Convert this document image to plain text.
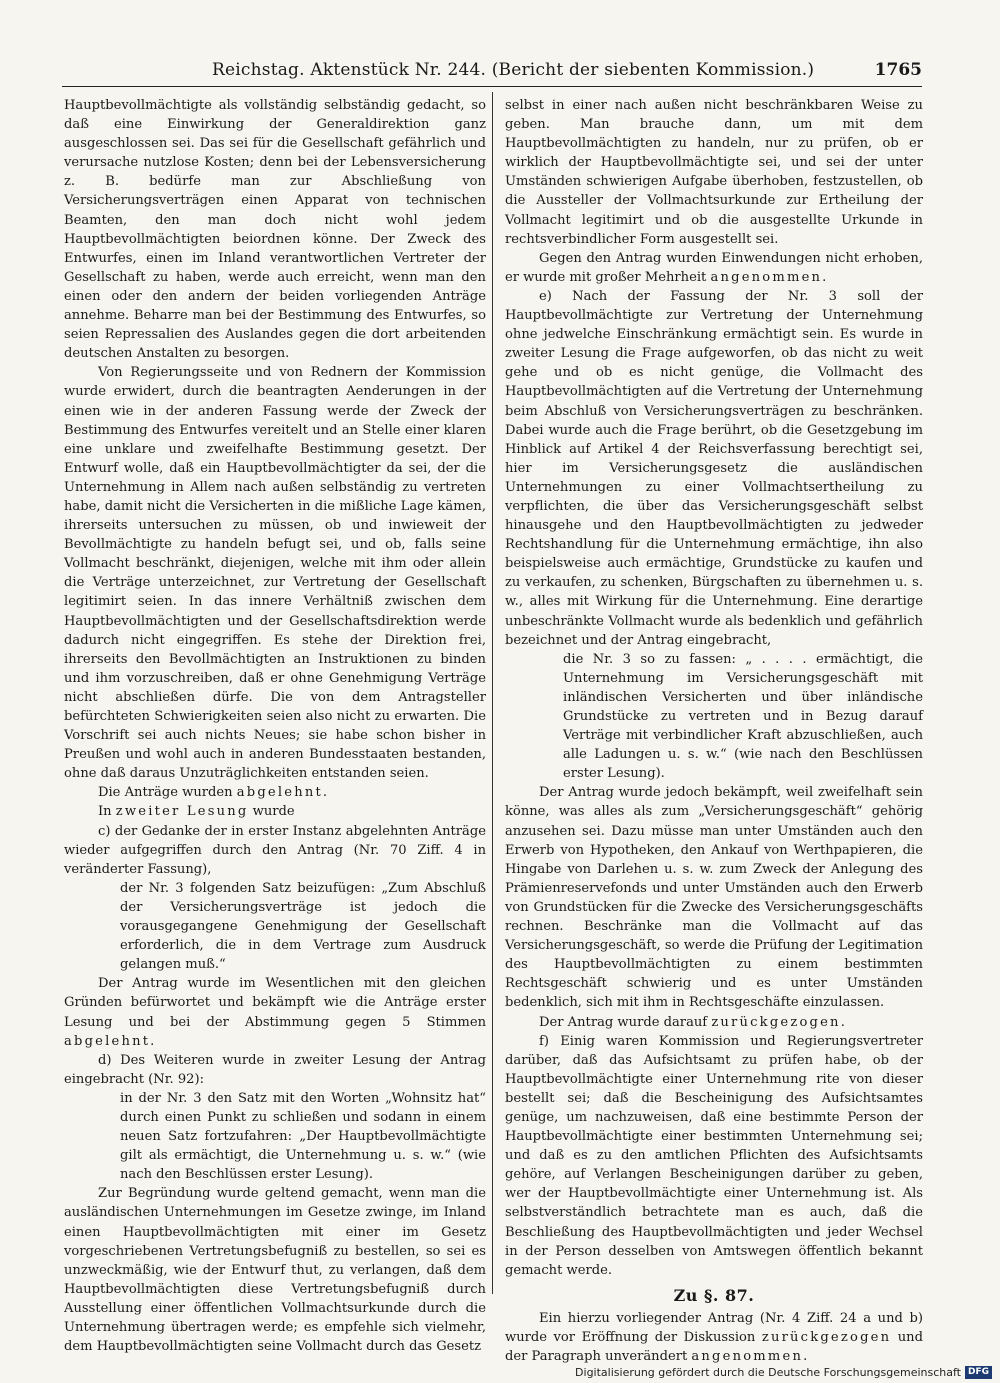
Reichstag. Aktenstück Nr. 244. (Bericht der siebenten Kommission.)	1765

Hauptbevollmächtigte als vollständig selbständig gedacht, so daß eine Einwirkung der Generaldirektion ganz ausgeschlossen sei. Das sei für die Gesellschaft gefährlich und verursache nutzlose Kosten; denn bei der Lebensversicherung z. B. bedürfe man zur Abschließung von Versicherungsverträgen einen Apparat von technischen Beamten, den man doch nicht wohl jedem Hauptbevollmächtigten beiordnen könne. Der Zweck des Entwurfes, einen im Inland verantwortlichen Vertreter der Gesellschaft zu haben, werde auch erreicht, wenn man den einen oder den andern der beiden vorliegenden Anträge annehme. Beharre man bei der Bestimmung des Entwurfes, so seien Repressalien des Auslandes gegen die dort arbeitenden deutschen Anstalten zu besorgen.

Von Regierungsseite und von Rednern der Kommission wurde erwidert, durch die beantragten Aenderungen in der einen wie in der anderen Fassung werde der Zweck der Bestimmung des Entwurfes vereitelt und an Stelle einer klaren eine unklare und zweifelhafte Bestimmung gesetzt. Der Entwurf wolle, daß ein Hauptbevollmächtigter da sei, der die Unternehmung in Allem nach außen selbständig zu vertreten habe, damit nicht die Versicherten in die mißliche Lage kämen, ihrerseits untersuchen zu müssen, ob und inwieweit der Bevollmächtigte zu handeln befugt sei, und ob, falls seine Vollmacht beschränkt, diejenigen, welche mit ihm oder allein die Verträge unterzeichnet, zur Vertretung der Gesellschaft legitimirt seien. In das innere Verhältniß zwischen dem Hauptbevollmächtigten und der Gesellschaftsdirektion werde dadurch nicht eingegriffen. Es stehe der Direktion frei, ihrerseits den Bevollmächtigten an Instruktionen zu binden und ihm vorzuschreiben, daß er ohne Genehmigung Verträge nicht abschließen dürfe. Die von dem Antragsteller befürchteten Schwierigkeiten seien also nicht zu erwarten. Die Vorschrift sei auch nichts Neues; sie habe schon bisher in Preußen und wohl auch in anderen Bundesstaaten bestanden, ohne daß daraus Unzuträglichkeiten entstanden seien.

Die Anträge wurden abgelehnt.

In zweiter Lesung wurde

c) der Gedanke der in erster Instanz abgelehnten Anträge wieder aufgegriffen durch den Antrag (Nr. 70 Ziff. 4 in veränderter Fassung),

der Nr. 3 folgenden Satz beizufügen: „Zum Abschluß der Versicherungsverträge ist jedoch die vorausgegangene Genehmigung der Gesellschaft erforderlich, die in dem Vertrage zum Ausdruck gelangen muß.“

Der Antrag wurde im Wesentlichen mit den gleichen Gründen befürwortet und bekämpft wie die Anträge erster Lesung und bei der Abstimmung gegen 5 Stimmen abgelehnt.

d) Des Weiteren wurde in zweiter Lesung der Antrag eingebracht (Nr. 92):

in der Nr. 3 den Satz mit den Worten „Wohnsitz hat“ durch einen Punkt zu schließen und sodann in einem neuen Satz fortzufahren: „Der Hauptbevollmächtigte gilt als ermächtigt, die Unternehmung u. s. w.“ (wie nach den Beschlüssen erster Lesung).

Zur Begründung wurde geltend gemacht, wenn man die ausländischen Unternehmungen im Gesetze zwinge, im Inland einen Hauptbevollmächtigten mit einer im Gesetz vorgeschriebenen Vertretungsbefugniß zu bestellen, so sei es unzweckmäßig, wie der Entwurf thut, zu verlangen, daß dem Hauptbevollmächtigten diese Vertretungsbefugniß durch Ausstellung einer öffentlichen Vollmachtsurkunde durch die Unternehmung übertragen werde; es empfehle sich vielmehr, dem Hauptbevollmächtigten seine Vollmacht durch das Gesetz

selbst in einer nach außen nicht beschränkbaren Weise zu geben. Man brauche dann, um mit dem Hauptbevollmächtigten zu handeln, nur zu prüfen, ob er wirklich der Hauptbevollmächtigte sei, und sei der unter Umständen schwierigen Aufgabe überhoben, festzustellen, ob die Aussteller der Vollmachtsurkunde zur Ertheilung der Vollmacht legitimirt und ob die ausgestellte Urkunde in rechtsverbindlicher Form ausgestellt sei.

Gegen den Antrag wurden Einwendungen nicht erhoben, er wurde mit großer Mehrheit angenommen.

e) Nach der Fassung der Nr. 3 soll der Hauptbevollmächtigte zur Vertretung der Unternehmung ohne jedwelche Einschränkung ermächtigt sein. Es wurde in zweiter Lesung die Frage aufgeworfen, ob das nicht zu weit gehe und ob es nicht genüge, die Vollmacht des Hauptbevollmächtigten auf die Vertretung der Unternehmung beim Abschluß von Versicherungsverträgen zu beschränken. Dabei wurde auch die Frage berührt, ob die Gesetzgebung im Hinblick auf Artikel 4 der Reichsverfassung berechtigt sei, hier im Versicherungsgesetz die ausländischen Unternehmungen zu einer Vollmachtsertheilung zu verpflichten, die über das Versicherungsgeschäft selbst hinausgehe und den Hauptbevollmächtigten zu jedweder Rechtshandlung für die Unternehmung ermächtige, ihn also beispielsweise auch ermächtige, Grundstücke zu kaufen und zu verkaufen, zu schenken, Bürgschaften zu übernehmen u. s. w., alles mit Wirkung für die Unternehmung. Eine derartige unbeschränkte Vollmacht wurde als bedenklich und gefährlich bezeichnet und der Antrag eingebracht,

die Nr. 3 so zu fassen: „ . . . . ermächtigt, die Unternehmung im Versicherungsgeschäft mit inländischen Versicherten und über inländische Grundstücke zu vertreten und in Bezug darauf Verträge mit verbindlicher Kraft abzuschließen, auch alle Ladungen u. s. w.“ (wie nach den Beschlüssen erster Lesung).

Der Antrag wurde jedoch bekämpft, weil zweifelhaft sein könne, was alles als zum „Versicherungsgeschäft“ gehörig anzusehen sei. Dazu müsse man unter Umständen auch den Erwerb von Hypotheken, den Ankauf von Werthpapieren, die Hingabe von Darlehen u. s. w. zum Zweck der Anlegung des Prämienreservefonds und unter Umständen auch den Erwerb von Grundstücken für die Zwecke des Versicherungsgeschäfts rechnen. Beschränke man die Vollmacht auf das Versicherungsgeschäft, so werde die Prüfung der Legitimation des Hauptbevollmächtigten zu einem bestimmten Rechtsgeschäft schwierig und es unter Umständen bedenklich, sich mit ihm in Rechtsgeschäfte einzulassen.

Der Antrag wurde darauf zurückgezogen.

f) Einig waren Kommission und Regierungsvertreter darüber, daß das Aufsichtsamt zu prüfen habe, ob der Hauptbevollmächtigte einer Unternehmung rite von dieser bestellt sei; daß die Bescheinigung des Aufsichtsamtes genüge, um nachzuweisen, daß eine bestimmte Person der Hauptbevollmächtigte einer bestimmten Unternehmung sei; und daß es zu den amtlichen Pflichten des Aufsichtsamts gehöre, auf Verlangen Bescheinigungen darüber zu geben, wer der Hauptbevollmächtigte einer Unternehmung ist. Als selbstverständlich betrachtete man es auch, daß die Beschließung des Hauptbevollmächtigten und jeder Wechsel in der Person desselben von Amtswegen öffentlich bekannt gemacht werde.

Zu §. 87.

Ein hierzu vorliegender Antrag (Nr. 4 Ziff. 24 a und b) wurde vor Eröffnung der Diskussion zurückgezogen und der Paragraph unverändert angenommen.

Digitalisierung gefördert durch die Deutsche Forschungsgemeinschaft DFG
